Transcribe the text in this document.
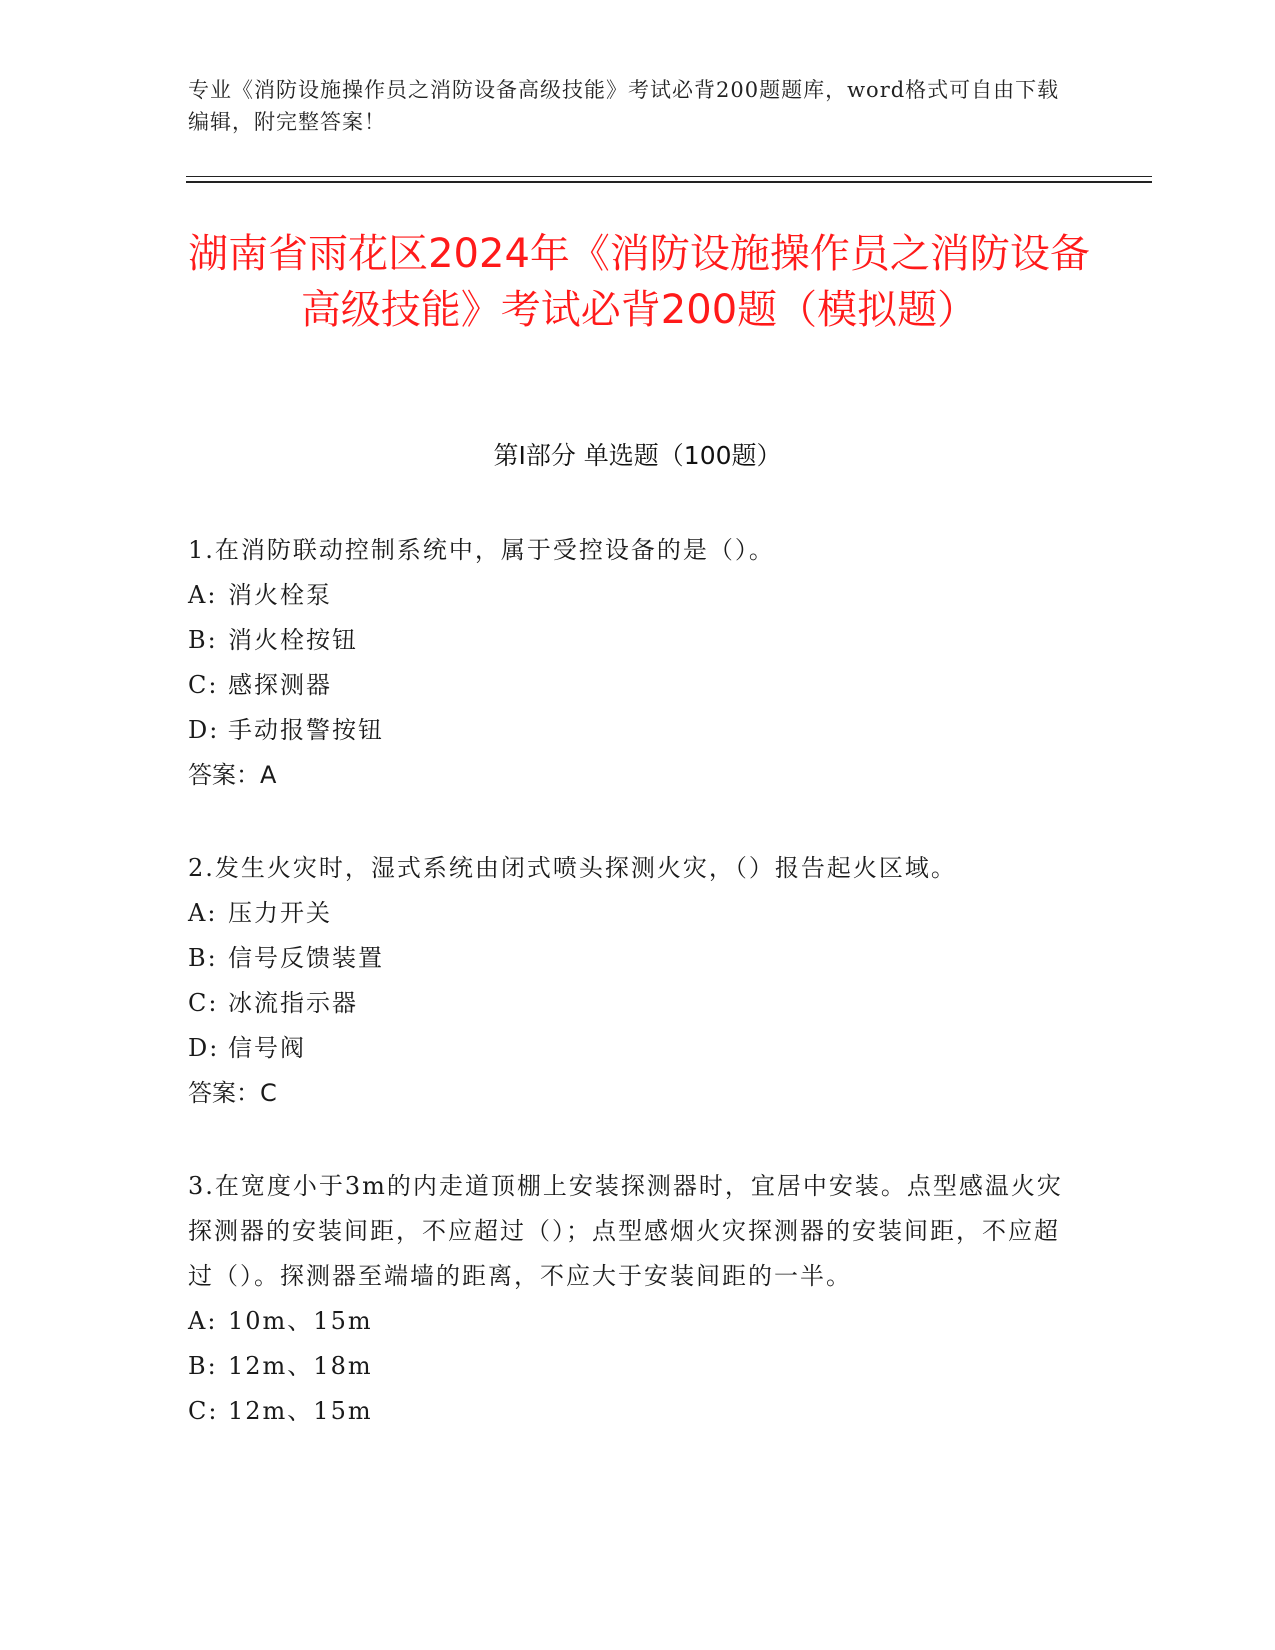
专业《消防设施操作员之消防设备高级技能》考试必背200题题库，word格式可自由下载编辑，附完整答案！
湖南省雨花区2024年《消防设施操作员之消防设备高级技能》考试必背200题（模拟题）
第I部分 单选题（100题）

1.在消防联动控制系统中，属于受控设备的是（）。

A: 消火栓泵

B: 消火栓按钮

C: 感探测器

D: 手动报警按钮

答案：A

2.发生火灾时，湿式系统由闭式喷头探测火灾，（）报告起火区域。

A: 压力开关

B: 信号反馈装置

C: 冰流指示器

D: 信号阀

答案：C

3.在宽度小于3m的内走道顶棚上安装探测器时，宜居中安装。点型感温火灾探测器的安装间距，不应超过（）；点型感烟火灾探测器的安装间距，不应超过（）。探测器至端墙的距离，不应大于安装间距的一半。

A: 10m、15m

B: 12m、18m

C: 12m、15m
